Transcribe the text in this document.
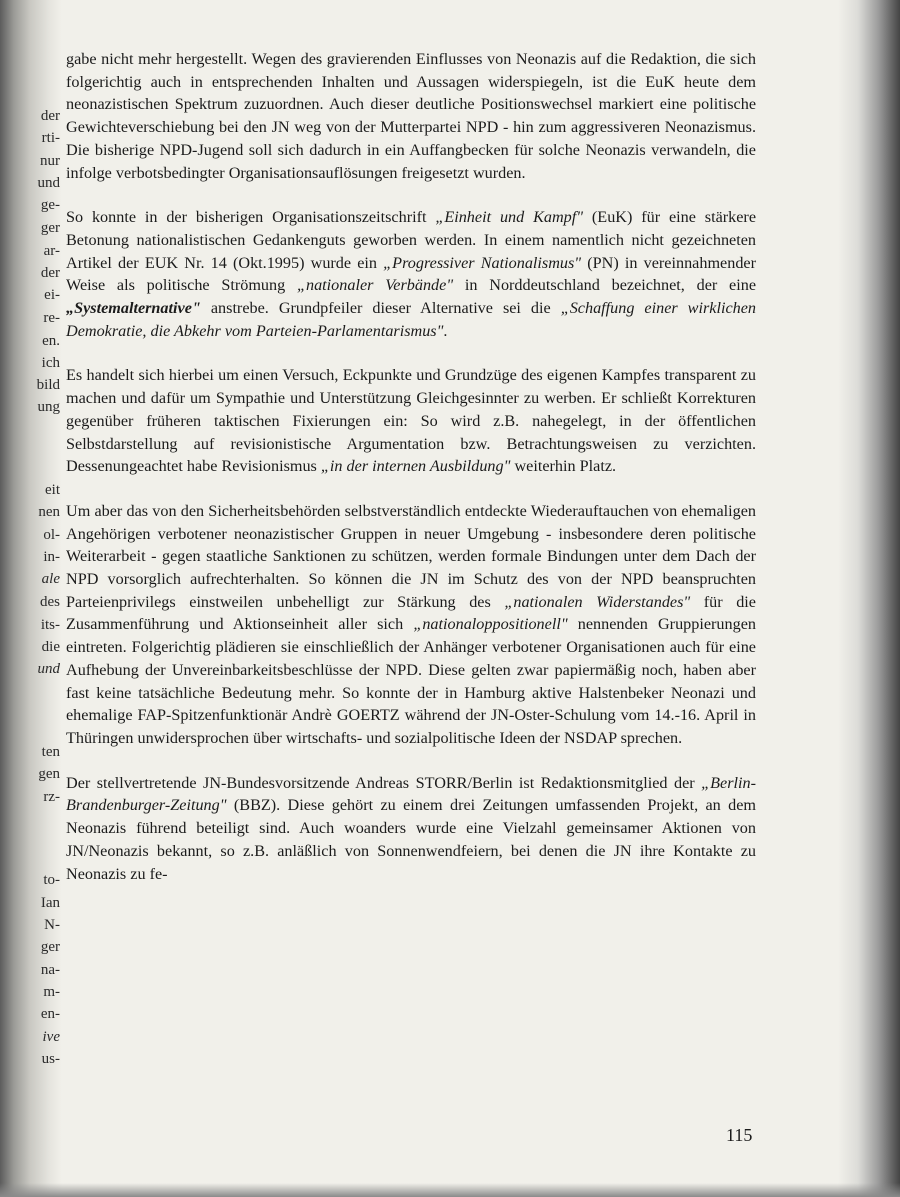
der
rti-
nur
und
ge-
ger
ar-
der
ei-
re-
en.
ich
bild
ung
eit
nen
ol-
in-
ale
des
its-
die
und
ten
gen
rz-
to-
Ian
N-
ger
na-
m-
en-
ive
us-

gabe nicht mehr hergestellt. Wegen des gravierenden Einflusses von Neonazis auf die Redaktion, die sich folgerichtig auch in entsprechenden Inhalten und Aussagen widerspiegeln, ist die EuK heute dem neonazistischen Spektrum zuzuordnen. Auch dieser deutliche Positionswechsel markiert eine politische Gewichteverschiebung bei den JN weg von der Mutterpartei NPD - hin zum aggressiveren Neonazismus. Die bisherige NPD-Jugend soll sich dadurch in ein Auffangbecken für solche Neonazis verwandeln, die infolge verbotsbedingter Organisationsauflösungen freigesetzt wurden.

So konnte in der bisherigen Organisationszeitschrift „Einheit und Kampf" (EuK) für eine stärkere Betonung nationalistischen Gedankenguts geworben werden. In einem namentlich nicht gezeichneten Artikel der EUK Nr. 14 (Okt.1995) wurde ein „Progressiver Nationalismus" (PN) in vereinnahmender Weise als politische Strömung „nationaler Verbände" in Norddeutschland bezeichnet, der eine „Systemalternative" anstrebe. Grundpfeiler dieser Alternative sei die „Schaffung einer wirklichen Demokratie, die Abkehr vom Parteien-Parlamentarismus".

Es handelt sich hierbei um einen Versuch, Eckpunkte und Grundzüge des eigenen Kampfes transparent zu machen und dafür um Sympathie und Unterstützung Gleichgesinnter zu werben. Er schließt Korrekturen gegenüber früheren taktischen Fixierungen ein: So wird z.B. nahegelegt, in der öffentlichen Selbstdarstellung auf revisionistische Argumentation bzw. Betrachtungsweisen zu verzichten. Dessenungeachtet habe Revisionismus „in der internen Ausbildung" weiterhin Platz.

Um aber das von den Sicherheitsbehörden selbstverständlich entdeckte Wiederauftauchen von ehemaligen Angehörigen verbotener neonazistischer Gruppen in neuer Umgebung - insbesondere deren politische Weiterarbeit - gegen staatliche Sanktionen zu schützen, werden formale Bindungen unter dem Dach der NPD vorsorglich aufrechterhalten. So können die JN im Schutz des von der NPD beanspruchten Parteienprivilegs einstweilen unbehelligt zur Stärkung des „nationalen Widerstandes" für die Zusammenführung und Aktionseinheit aller sich „nationaloppositionell" nennenden Gruppierungen eintreten. Folgerichtig plädieren sie einschließlich der Anhänger verbotener Organisationen auch für eine Aufhebung der Unvereinbarkeitsbeschlüsse der NPD. Diese gelten zwar papiermäßig noch, haben aber fast keine tatsächliche Bedeutung mehr. So konnte der in Hamburg aktive Halstenbeker Neonazi und ehemalige FAP-Spitzenfunktionär Andrè GOERTZ während der JN-Oster-Schulung vom 14.-16. April in Thüringen unwidersprochen über wirtschafts- und sozialpolitische Ideen der NSDAP sprechen.

Der stellvertretende JN-Bundesvorsitzende Andreas STORR/Berlin ist Redaktionsmitglied der „Berlin-Brandenburger-Zeitung" (BBZ). Diese gehört zu einem drei Zeitungen umfassenden Projekt, an dem Neonazis führend beteiligt sind. Auch woanders wurde eine Vielzahl gemeinsamer Aktionen von JN/Neonazis bekannt, so z.B. anläßlich von Sonnenwendfeiern, bei denen die JN ihre Kontakte zu Neonazis zu fe-

115
